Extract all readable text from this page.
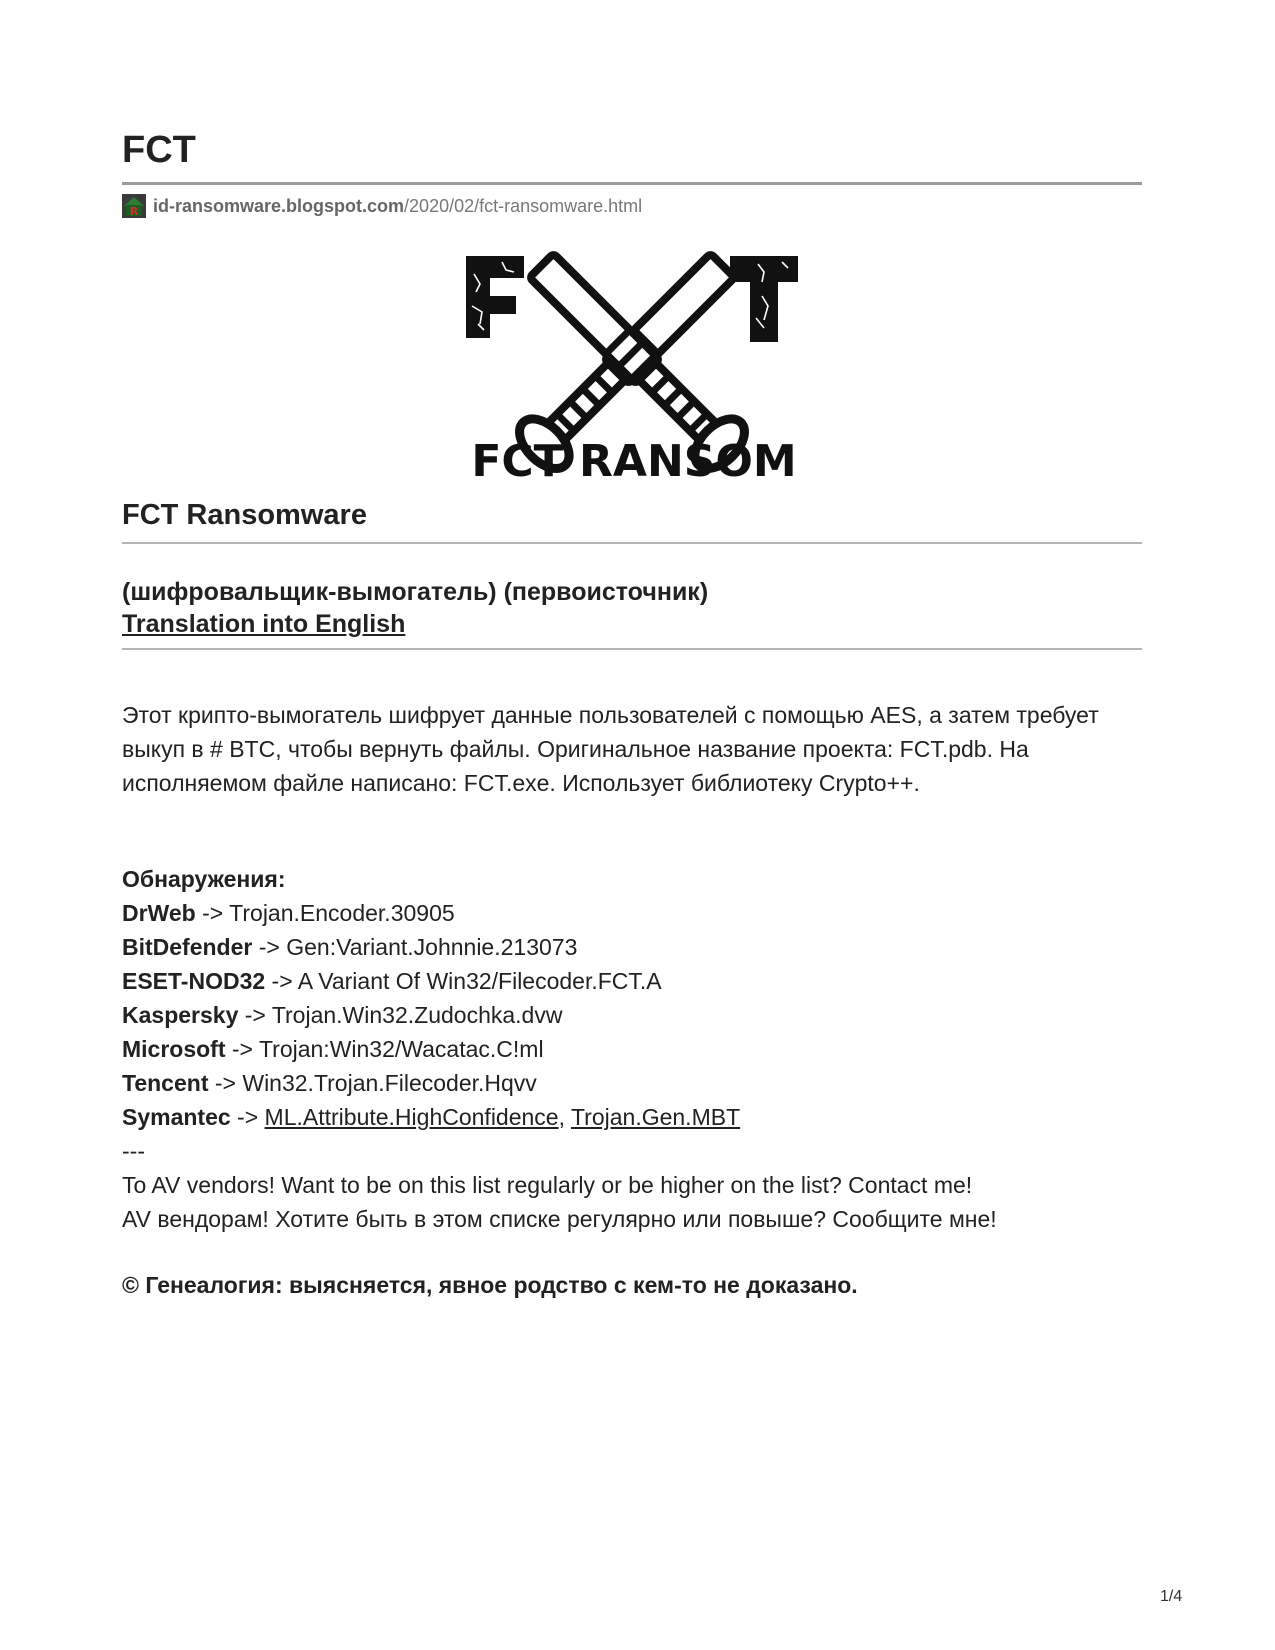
FCT
R id-ransomware.blogspot.com /2020/02/fct-ransomware.html
FCT RANSOM
FCT Ransomware
(шифровальщик-вымогатель) (первоисточник)
Translation into English

Этот крипто-вымогатель шифрует данные пользователей с помощью AES, а затем требует выкуп в # BTC, чтобы вернуть файлы. Оригинальное название проекта: FCT.pdb. На исполняемом файле написано: FCT.exe. Использует библиотеку Crypto++.

Обнаружения:
DrWeb -> Trojan.Encoder.30905
BitDefender -> Gen:Variant.Johnnie.213073
ESET-NOD32 -> A Variant Of Win32/Filecoder.FCT.A
Kaspersky -> Trojan.Win32.Zudochka.dvw
Microsoft -> Trojan:Win32/Wacatac.C!ml
Tencent -> Win32.Trojan.Filecoder.Hqvv
Symantec -> ML.Attribute.HighConfidence, Trojan.Gen.MBT
---
To AV vendors! Want to be on this list regularly or be higher on the list? Contact me!
AV вендорам! Хотите быть в этом списке регулярно или повыше? Сообщите мне!
© Генеалогия: выясняется, явное родство с кем-то не доказано.
1/4
